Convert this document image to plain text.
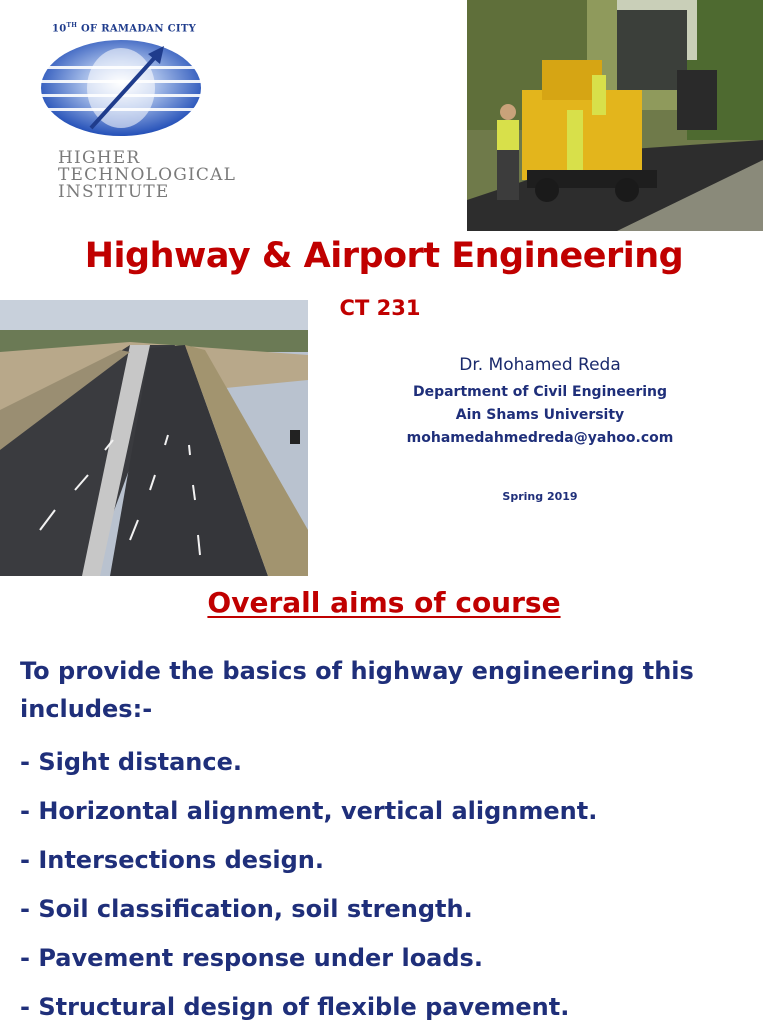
10TH OF RAMADAN CITY
HIGHER
TECHNOLOGICAL
INSTITUTE
Highway & Airport Engineering
CT 231
Dr. Mohamed Reda
Department of Civil Engineering
Ain Shams University
mohamedahmedreda@yahoo.com
Spring 2019
Overall aims of course
To provide the basics of highway engineering this includes:-
- Sight distance.
- Horizontal alignment, vertical alignment.
- Intersections design.
- Soil classification, soil strength.
- Pavement response under loads.
- Structural design of flexible pavement.
